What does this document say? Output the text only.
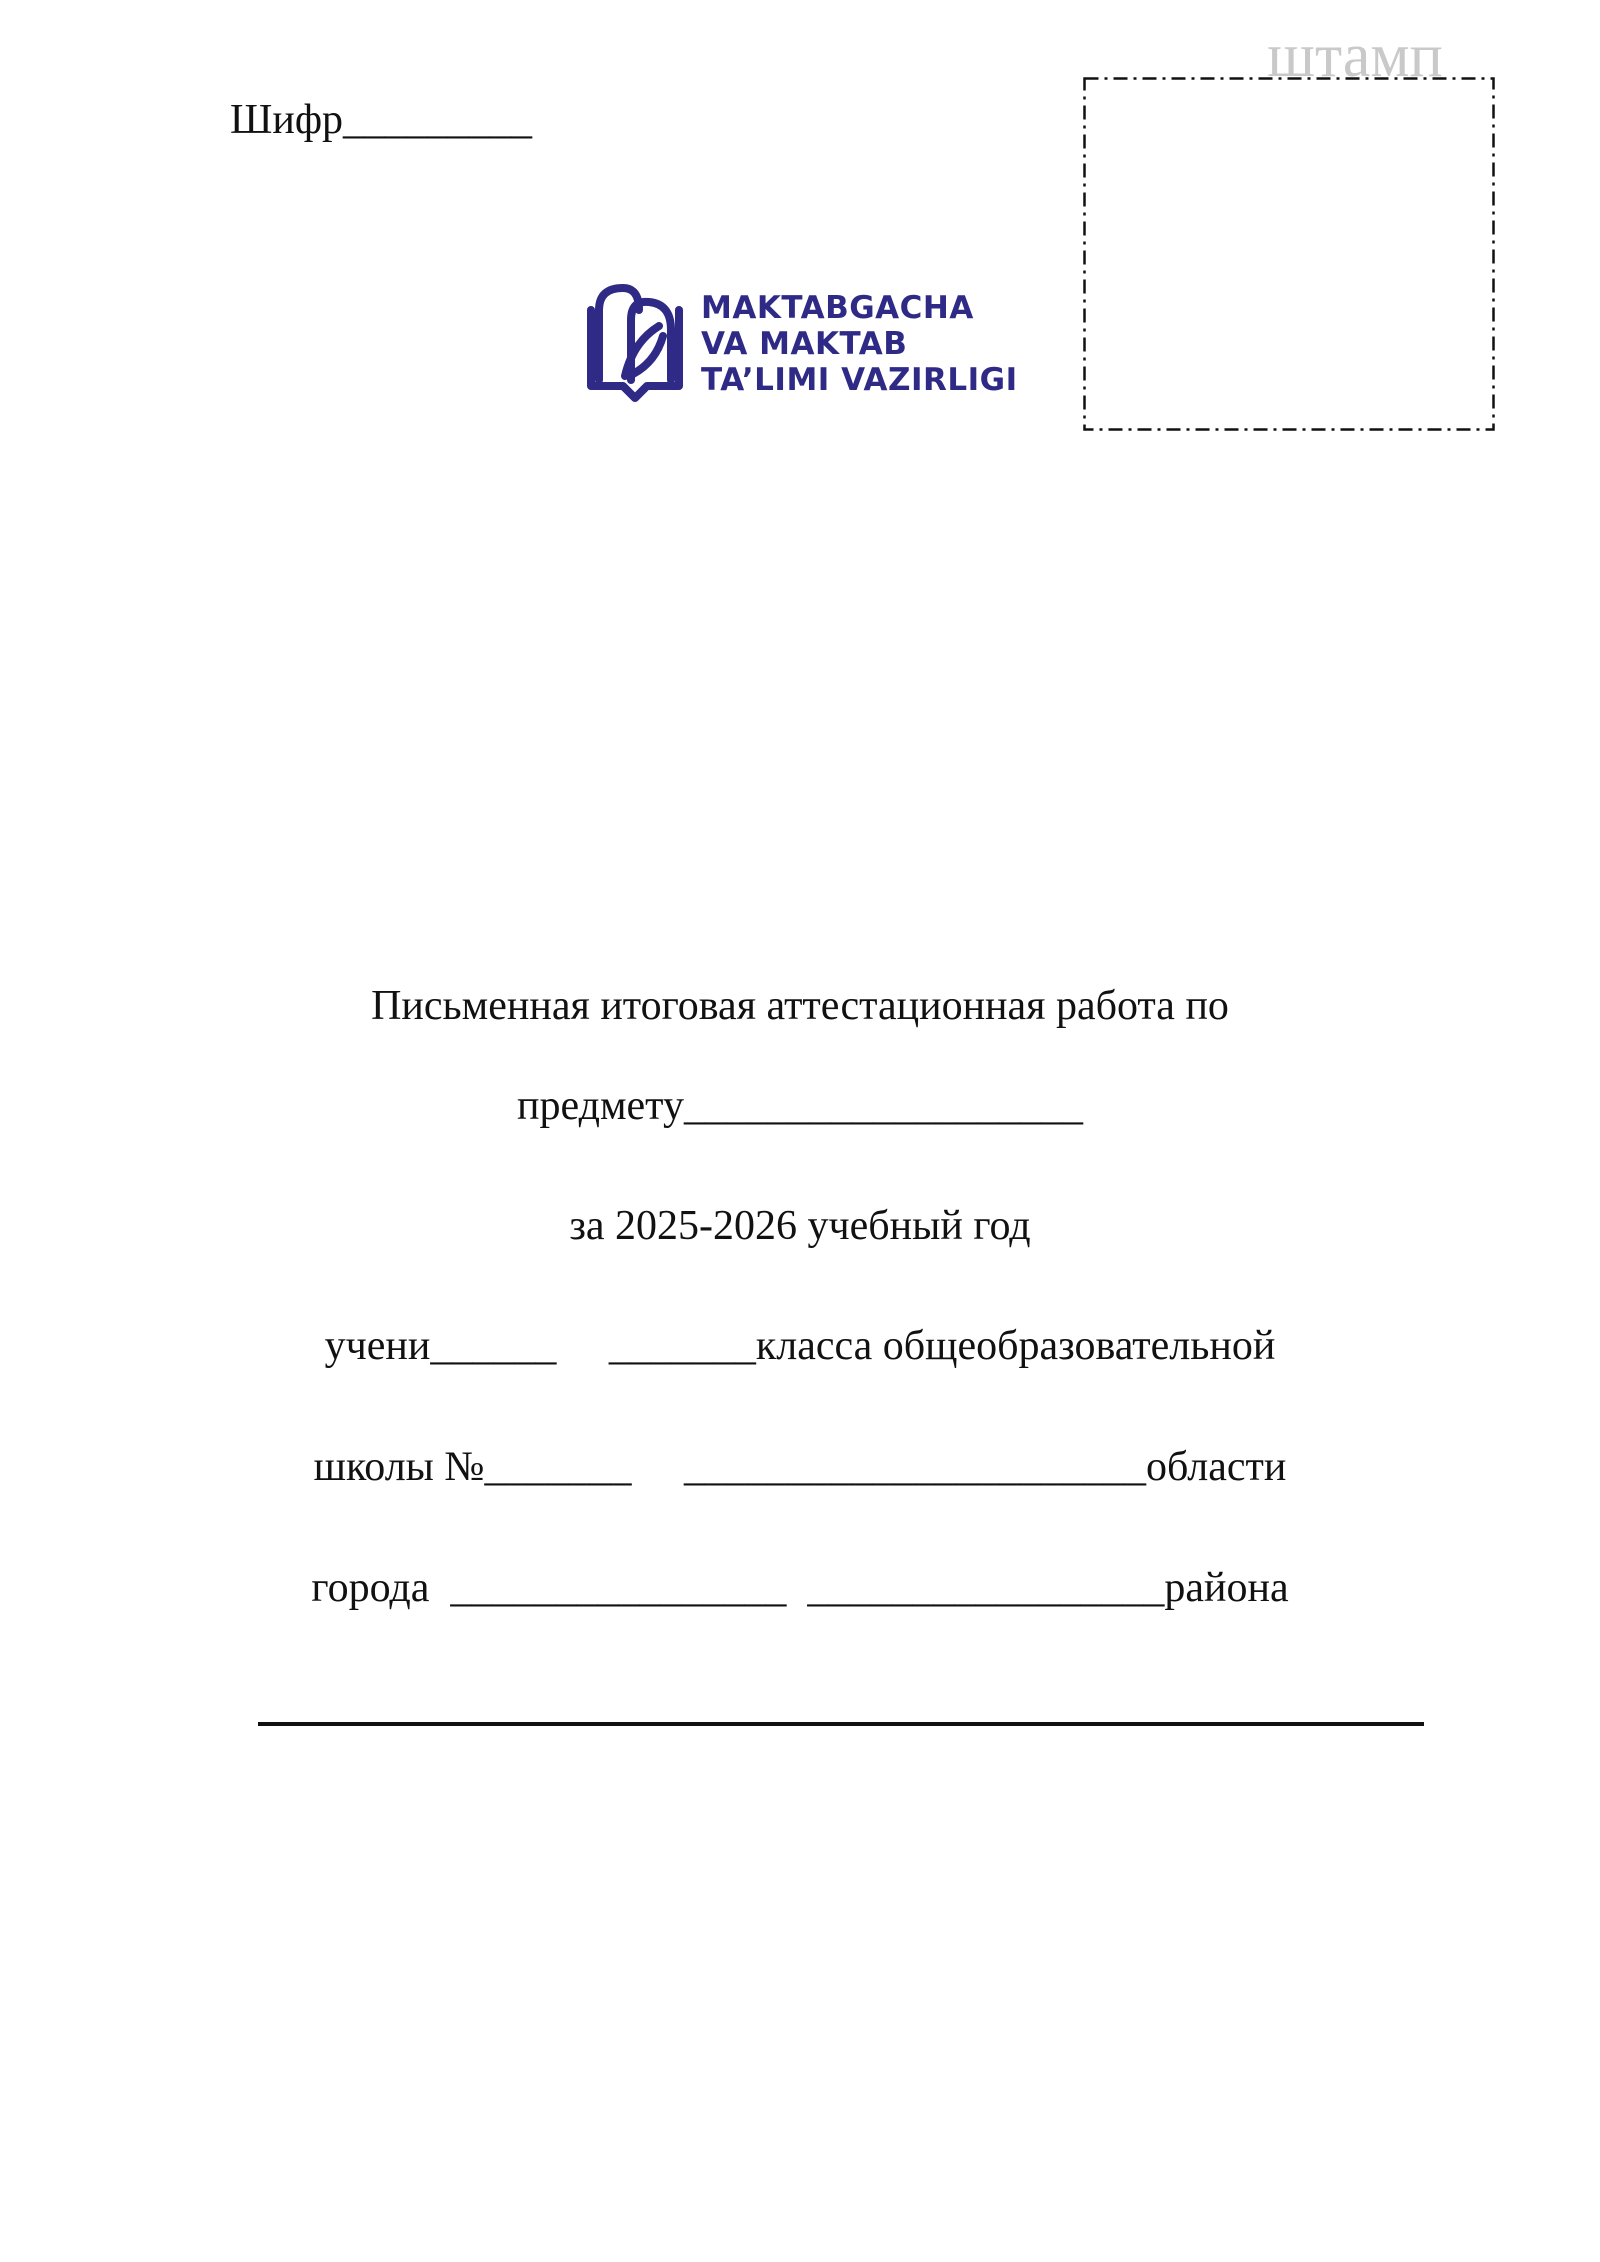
Шифр_________
штамп
MAKTABGACHA
VA MAKTAB
TA’LIMI VAZIRLIGI
Письменная итоговая аттестационная работа по
предмету___________________
за 2025-2026 учебный год
учени______     _______класса общеобразовательной
школы №_______     ______________________области
города  ________________  _________________района
